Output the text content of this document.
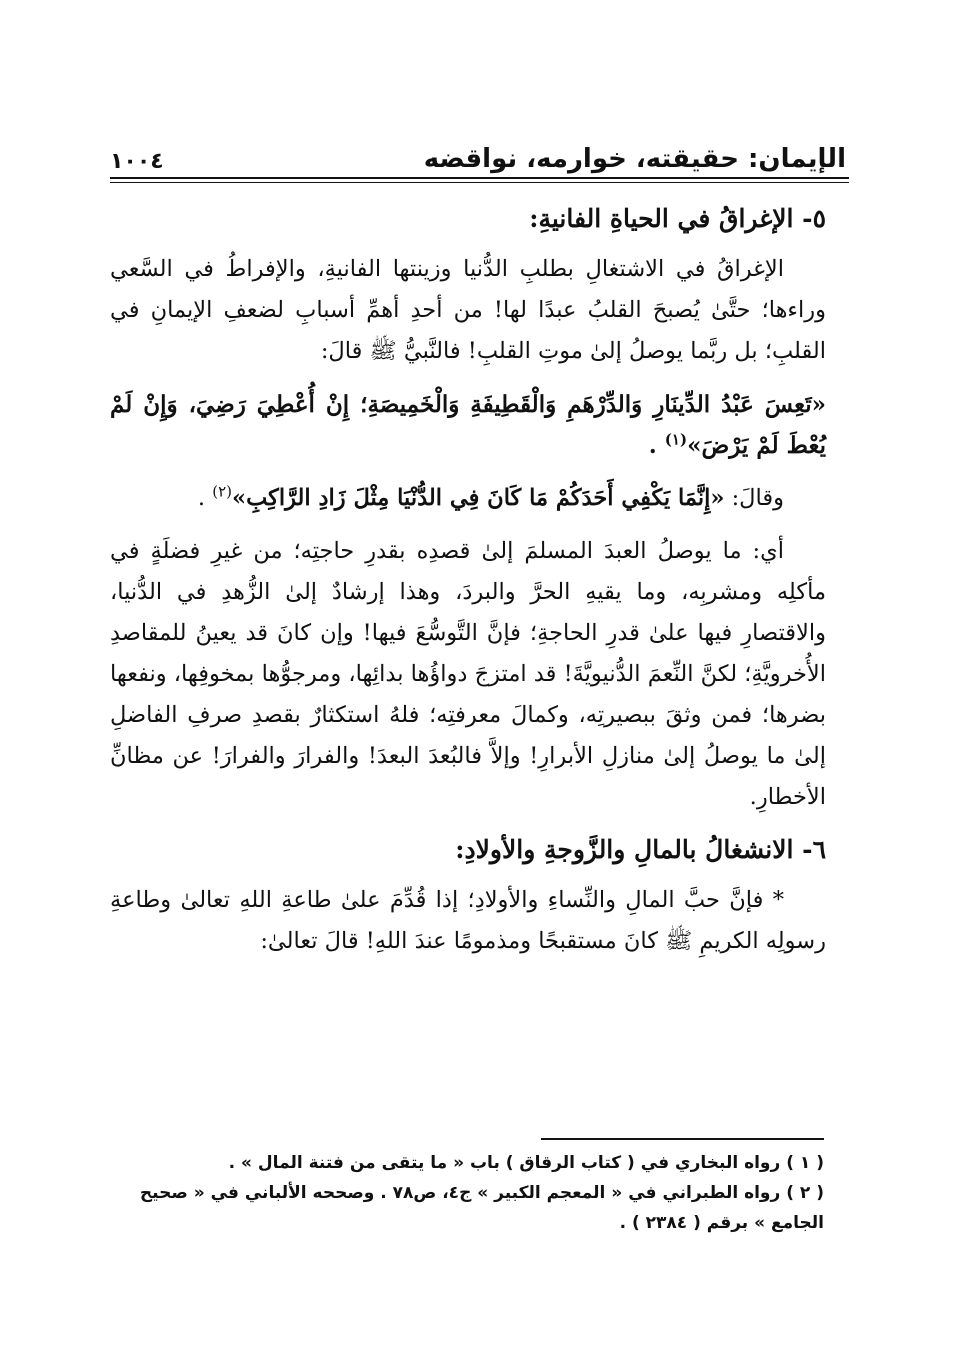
الإيمان: حقيقته، خوارمه، نواقضه
١٠٠٤
٥- الإغراقُ في الحياةِ الفانيةِ:

الإغراقُ في الاشتغالِ بطلبِ الدُّنيا وزينتها الفانيةِ، والإفراطُ في السَّعي وراءها؛ حتَّىٰ يُصبحَ القلبُ عبدًا لها! من أحدِ أهمِّ أسبابِ لضعفِ الإيمانِ في القلبِ؛ بل ربَّما يوصلُ إلىٰ موتِ القلبِ! فالنَّبيُّ ﷺ قالَ:

«تَعِسَ عَبْدُ الدِّينَارِ وَالدِّرْهَمِ وَالْقَطِيفَةِ وَالْخَمِيصَةِ؛ إِنْ أُعْطِيَ رَضِيَ، وَإِنْ لَمْ يُعْطَ لَمْ يَرْضَ»$^{(١)}$ .

وقالَ: «إِنَّمَا يَكْفِي أَحَدَكُمْ مَا كَانَ فِي الدُّنْيَا مِثْلَ زَادِ الرَّاكِبِ»$^{(٢)}$ .

أي: ما يوصلُ العبدَ المسلمَ إلىٰ قصدِه بقدرِ حاجتِه؛ من غيرِ فضلَةٍ في مأكلِه ومشربِه، وما يقيهِ الحرَّ والبردَ، وهذا إرشادٌ إلىٰ الزُّهدِ في الدُّنيا، والاقتصارِ فيها علىٰ قدرِ الحاجةِ؛ فإنَّ التَّوسُّعَ فيها! وإن كانَ قد يعينُ للمقاصدِ الأُخرويَّةِ؛ لكنَّ النِّعمَ الدُّنيويَّةَ! قد امتزجَ دواؤُها بدائِها، ومرجوُّها بمخوفِها، ونفعها بضرها؛ فمن وثقَ ببصيرتِه، وكمالَ معرفتِه؛ فلهُ استكثارٌ بقصدِ صرفِ الفاضلِ إلىٰ ما يوصلُ إلىٰ منازلِ الأبرارِ! وإلاَّ فالبُعدَ البعدَ! والفرارَ والفرارَ! عن مظانِّ الأخطارِ.

٦- الانشغالُ بالمالِ والزَّوجةِ والأولادِ:

* فإنَّ حبَّ المالِ والنِّساءِ والأولادِ؛ إذا قُدِّمَ علىٰ طاعةِ اللهِ تعالىٰ وطاعةِ رسولِه الكريمِ ﷺ كانَ مستقبحًا ومذمومًا عندَ اللهِ! قالَ تعالىٰ:

( ١ ) رواه البخاري في ( كتاب الرقاق ) باب « ما يتقى من فتنة المال » .

( ٢ ) رواه الطبراني في « المعجم الكبير » ج٤، ص٧٨ . وصححه الألباني في « صحيح الجامع » برقم ( ٢٣٨٤ ) .
